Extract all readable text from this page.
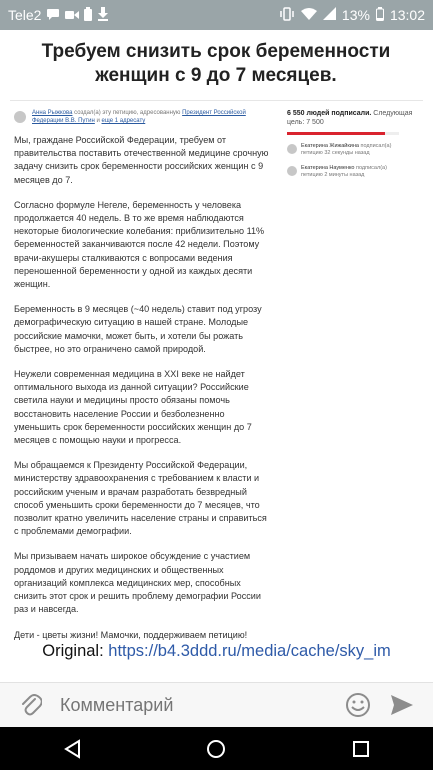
Tele2	13% 13:02
Требуем снизить срок беременности женщин с 9 до 7 месяцев.
Анна Рыжкова создал(а) эту петицию, адресованную Президент Российской Федерации В.В. Путин и еще 1 адресату

Мы, граждане Российской Федерации, требуем от правительства поставить отечественной медицине срочную задачу снизить срок беременности российских женщин с 9 месяцев до 7.

Согласно формуле Негеле, беременность у человека продолжается 40 недель. В то же время наблюдаются некоторые биологические колебания: приблизительно 11% беременностей заканчиваются после 42 недели. Поэтому врачи-акушеры сталкиваются с вопросами ведения переношенной беременности у одной из каждых десяти женщин.

Беременность в 9 месяцев (~40 недель) ставит под угрозу демографическую ситуацию в нашей стране. Молодые российские мамочки, может быть, и хотели бы рожать быстрее, но это ограничено самой природой.

Неужели современная медицина в XXI веке не найдет оптимального выхода из данной ситуации? Российские светила науки и медицины просто обязаны помочь восстановить население России и безболезненно уменьшить срок беременности российских женщин до 7 месяцев с помощью науки и прогресса.

Мы обращаемся к Президенту Российской Федерации, министерству здравоохранения с требованием к власти и российским ученым и врачам разработать безвредный способ уменьшить сроки беременности до 7 месяцев, что позволит кратно увеличить население страны и справиться с проблемами демографии.

Мы призываем начать широкое обсуждение с участием роддомов и других медицинских и общественных организаций комплекса медицинских мер, способных снизить этот срок и решить проблему демографии России раз и навсегда.

Дети - цветы жизни! Мамочки, поддерживаем петицию!

6 550 людей подписали. Следующая цель: 7 500
Екатерина Жижайкина подписал(а)
петицию 32 секунды назад
Екатерина Науменко подписал(а)
петицию 2 минуты назад
Original: https://b4.3ddd.ru/media/cache/sky_im
Комментарий
